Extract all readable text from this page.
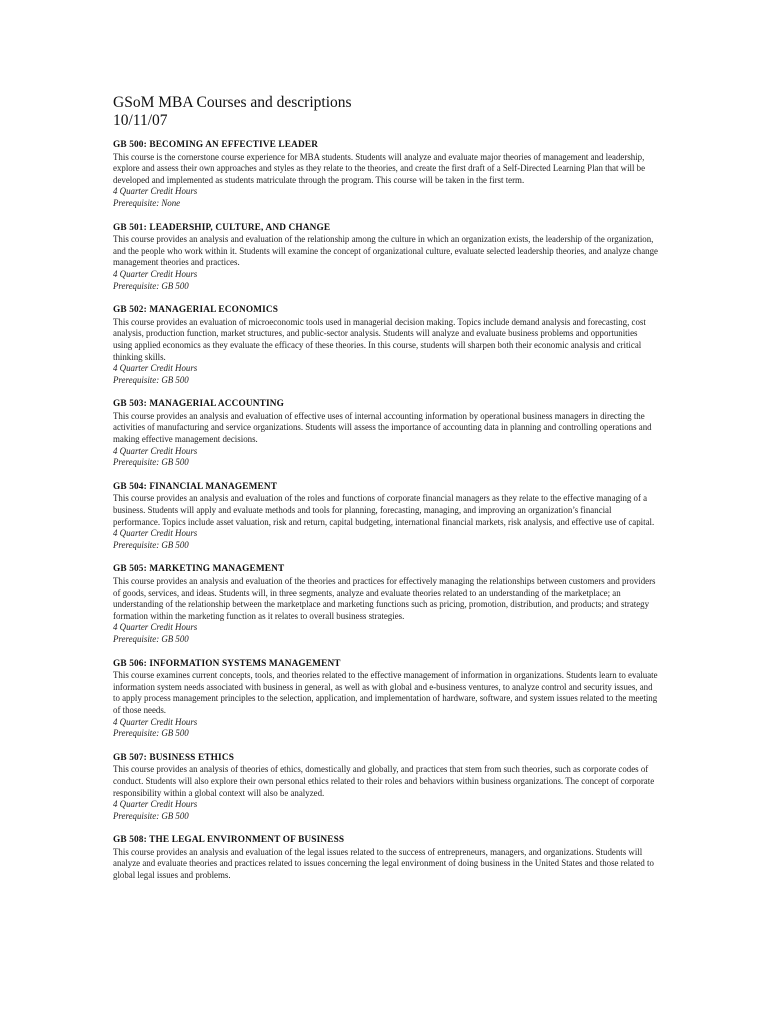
GSoM MBA Courses and descriptions
10/11/07
GB 500: BECOMING AN EFFECTIVE LEADER

This course is the cornerstone course experience for MBA students. Students will analyze and evaluate major theories of management and leadership, explore and assess their own approaches and styles as they relate to the theories, and create the first draft of a Self-Directed Learning Plan that will be developed and implemented as students matriculate through the program. This course will be taken in the first term.

4 Quarter Credit Hours
Prerequisite: None
GB 501: LEADERSHIP, CULTURE, AND CHANGE

This course provides an analysis and evaluation of the relationship among the culture in which an organization exists, the leadership of the organization, and the people who work within it. Students will examine the concept of organizational culture, evaluate selected leadership theories, and analyze change management theories and practices.

4 Quarter Credit Hours
Prerequisite: GB 500
GB 502: MANAGERIAL ECONOMICS

This course provides an evaluation of microeconomic tools used in managerial decision making. Topics include demand analysis and forecasting, cost analysis, production function, market structures, and public-sector analysis. Students will analyze and evaluate business problems and opportunities using applied economics as they evaluate the efficacy of these theories. In this course, students will sharpen both their economic analysis and critical thinking skills.

4 Quarter Credit Hours
Prerequisite: GB 500
GB 503: MANAGERIAL ACCOUNTING

This course provides an analysis and evaluation of effective uses of internal accounting information by operational business managers in directing the activities of manufacturing and service organizations. Students will assess the importance of accounting data in planning and controlling operations and making effective management decisions.

4 Quarter Credit Hours
Prerequisite: GB 500
GB 504: FINANCIAL MANAGEMENT

This course provides an analysis and evaluation of the roles and functions of corporate financial managers as they relate to the effective managing of a business. Students will apply and evaluate methods and tools for planning, forecasting, managing, and improving an organization’s financial performance. Topics include asset valuation, risk and return, capital budgeting, international financial markets, risk analysis, and effective use of capital.

4 Quarter Credit Hours
Prerequisite: GB 500
GB 505: MARKETING MANAGEMENT

This course provides an analysis and evaluation of the theories and practices for effectively managing the relationships between customers and providers of goods, services, and ideas. Students will, in three segments, analyze and evaluate theories related to an understanding of the marketplace; an understanding of the relationship between the marketplace and marketing functions such as pricing, promotion, distribution, and products; and strategy formation within the marketing function as it relates to overall business strategies.

4 Quarter Credit Hours
Prerequisite: GB 500
GB 506: INFORMATION SYSTEMS MANAGEMENT

This course examines current concepts, tools, and theories related to the effective management of information in organizations. Students learn to evaluate information system needs associated with business in general, as well as with global and e-business ventures, to analyze control and security issues, and to apply process management principles to the selection, application, and implementation of hardware, software, and system issues related to the meeting of those needs.

4 Quarter Credit Hours
Prerequisite: GB 500
GB 507: BUSINESS ETHICS

This course provides an analysis of theories of ethics, domestically and globally, and practices that stem from such theories, such as corporate codes of conduct. Students will also explore their own personal ethics related to their roles and behaviors within business organizations. The concept of corporate responsibility within a global context will also be analyzed.

4 Quarter Credit Hours
Prerequisite: GB 500
GB 508: THE LEGAL ENVIRONMENT OF BUSINESS

This course provides an analysis and evaluation of the legal issues related to the success of entrepreneurs, managers, and organizations. Students will analyze and evaluate theories and practices related to issues concerning the legal environment of doing business in the United States and those related to global legal issues and problems.
